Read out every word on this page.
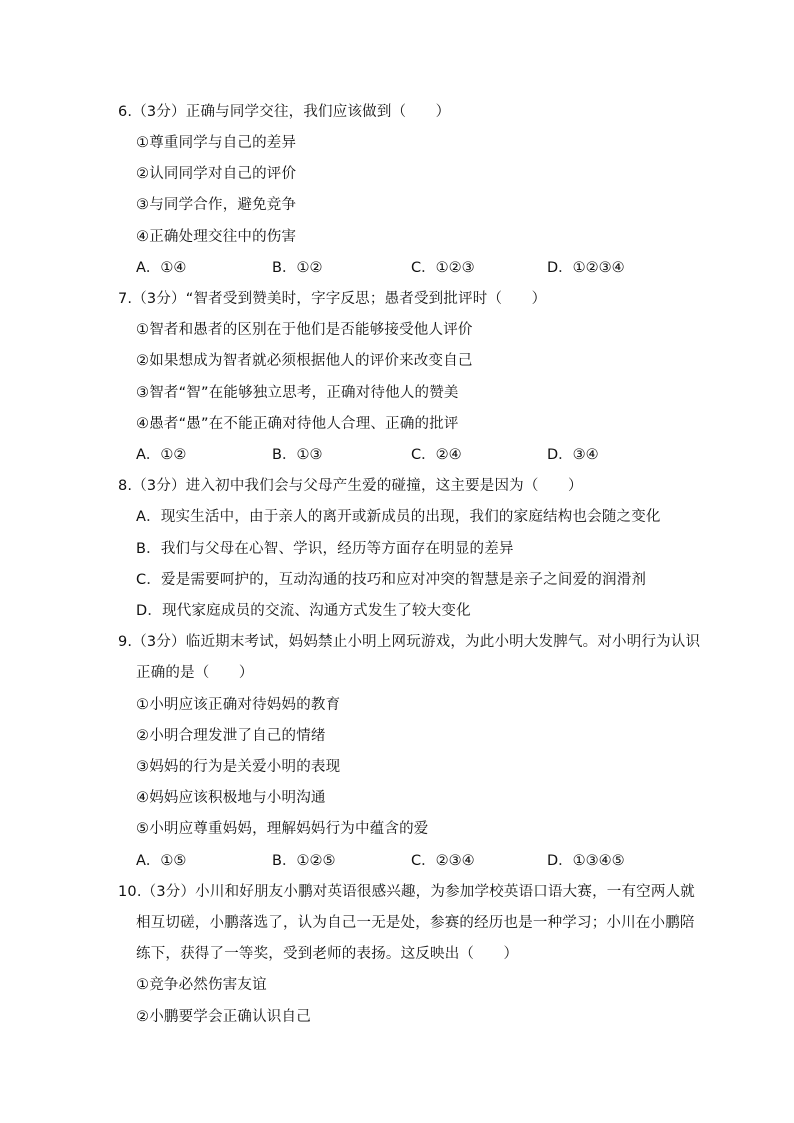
6.（3分）正确与同学交往，我们应该做到（　　）
①尊重同学与自己的差异
②认同同学对自己的评价
③与同学合作，避免竞争
④正确处理交往中的伤害
A．①④	B．①②	C．①②③	D．①②③④
7.（3分）“智者受到赞美时，字字反思；愚者受到批评时（　　）
①智者和愚者的区别在于他们是否能够接受他人评价
②如果想成为智者就必须根据他人的评价来改变自己
③智者“智”在能够独立思考，正确对待他人的赞美
④愚者“愚”在不能正确对待他人合理、正确的批评
A．①②	B．①③	C．②④	D．③④
8.（3分）进入初中我们会与父母产生爱的碰撞，这主要是因为（　　）
A．现实生活中，由于亲人的离开或新成员的出现，我们的家庭结构也会随之变化
B．我们与父母在心智、学识，经历等方面存在明显的差异
C．爱是需要呵护的，互动沟通的技巧和应对冲突的智慧是亲子之间爱的润滑剂
D．现代家庭成员的交流、沟通方式发生了较大变化
9.（3分）临近期末考试，妈妈禁止小明上网玩游戏，为此小明大发脾气。对小明行为认识
正确的是（　　）
①小明应该正确对待妈妈的教育
②小明合理发泄了自己的情绪
③妈妈的行为是关爱小明的表现
④妈妈应该积极地与小明沟通
⑤小明应尊重妈妈，理解妈妈行为中蕴含的爱
A．①⑤	B．①②⑤	C．②③④	D．①③④⑤
10.（3分）小川和好朋友小鹏对英语很感兴趣，为参加学校英语口语大赛，一有空两人就
相互切磋，小鹏落选了，认为自己一无是处，参赛的经历也是一种学习；小川在小鹏陪
练下，获得了一等奖，受到老师的表扬。这反映出（　　）
①竞争必然伤害友谊
②小鹏要学会正确认识自己
